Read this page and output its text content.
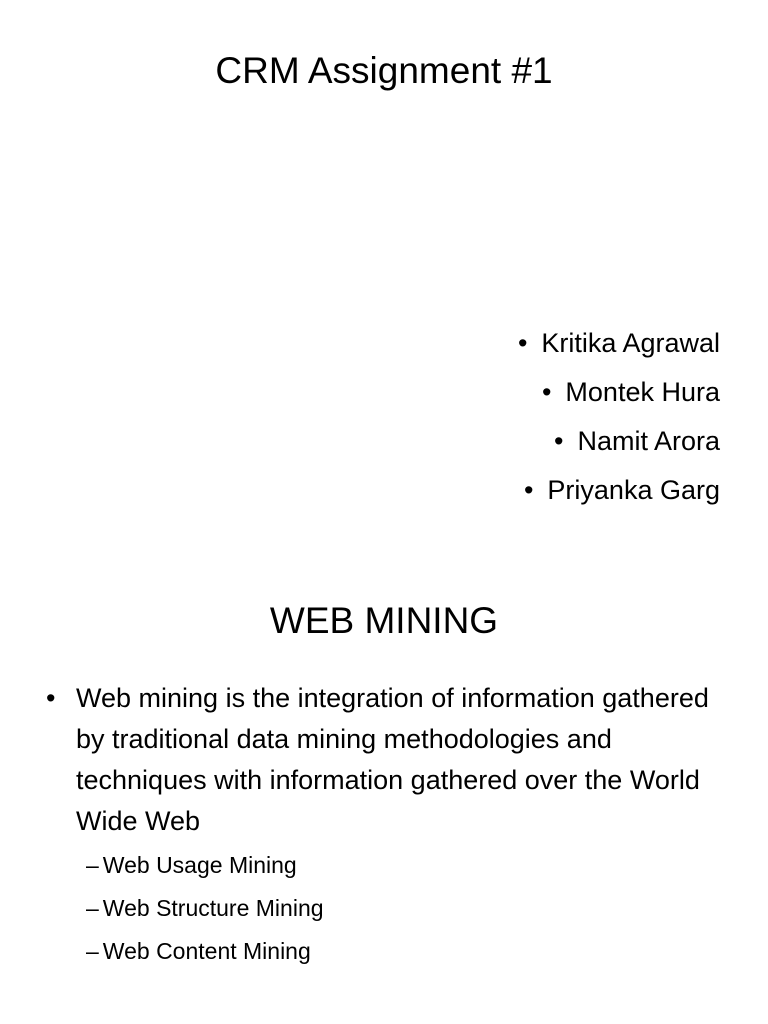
CRM Assignment #1
• Kritika Agrawal
• Montek Hura
• Namit Arora
• Priyanka Garg
WEB MINING
• Web mining is the integration of information gathered by traditional data mining methodologies and techniques with information gathered over the World Wide Web
– Web Usage Mining
– Web Structure Mining
– Web Content Mining
